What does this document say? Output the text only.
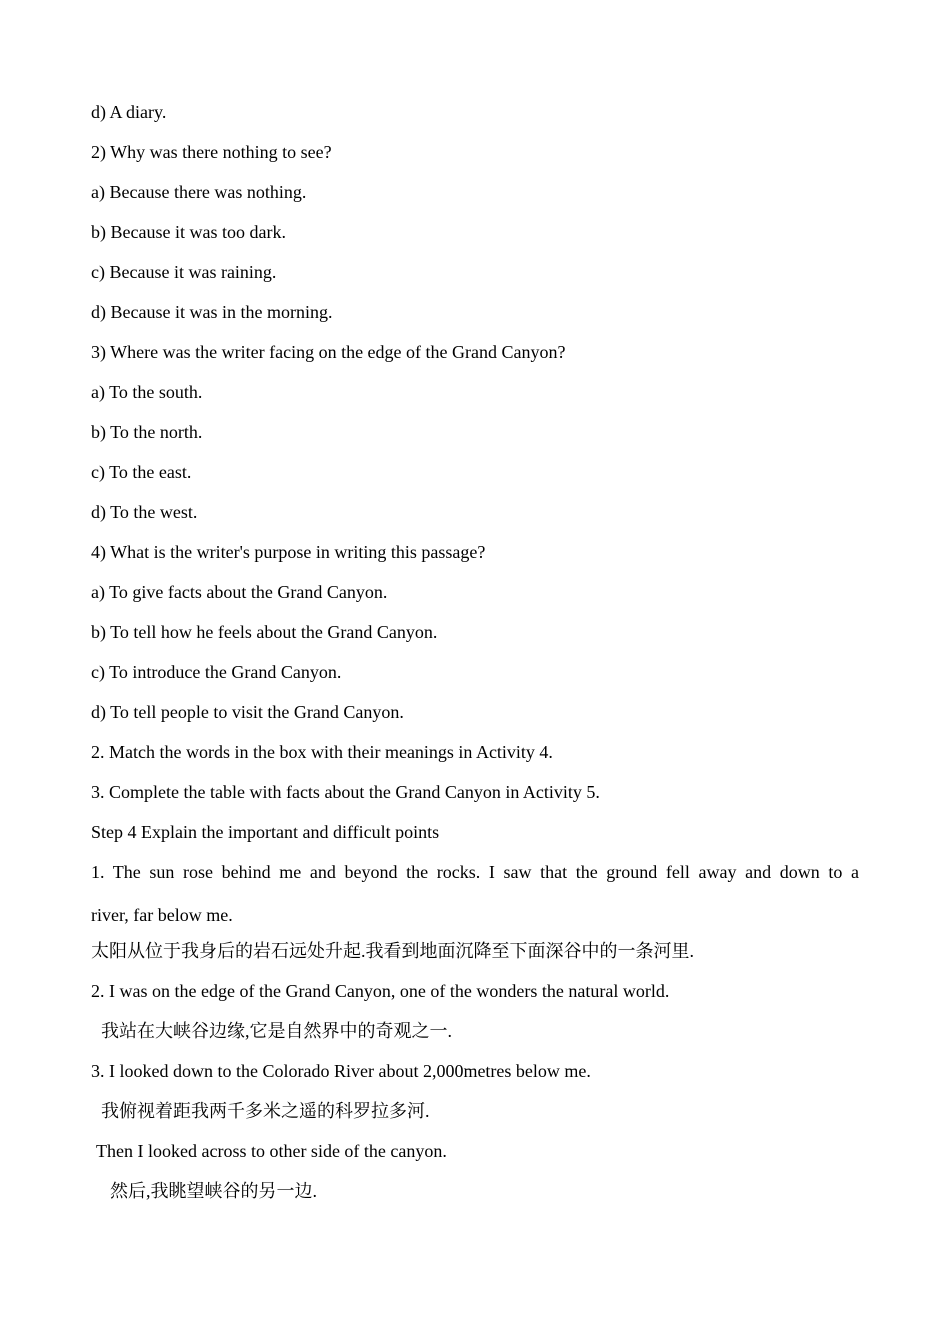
d) A diary.
2) Why was there nothing to see?
a) Because there was nothing.
b) Because it was too dark.
c) Because it was raining.
d) Because it was in the morning.
3) Where was the writer facing on the edge of the Grand Canyon?
a) To the south.
b) To the north.
c) To the east.
d) To the west.
4) What is the writer's purpose in writing this passage?
a) To give facts about the Grand Canyon.
b) To tell how he feels about the Grand Canyon.
c) To introduce the Grand Canyon.
d) To tell people to visit the Grand Canyon.
2. Match the words in the box with their meanings in Activity 4.
3. Complete the table with facts about the Grand Canyon in Activity 5.
Step 4 Explain the important and difficult points
1. The sun rose behind me and beyond the rocks. I saw that the ground fell away and down to a
river, far below me.
太阳从位于我身后的岩石远处升起.我看到地面沉降至下面深谷中的一条河里.
2. I was on the edge of the Grand Canyon, one of the wonders the natural world.
我站在大峡谷边缘,它是自然界中的奇观之一.
3. I looked down to the Colorado River about 2,000metres below me.
我俯视着距我两千多米之遥的科罗拉多河.
Then I looked across to other side of the canyon.
然后,我眺望峡谷的另一边.
